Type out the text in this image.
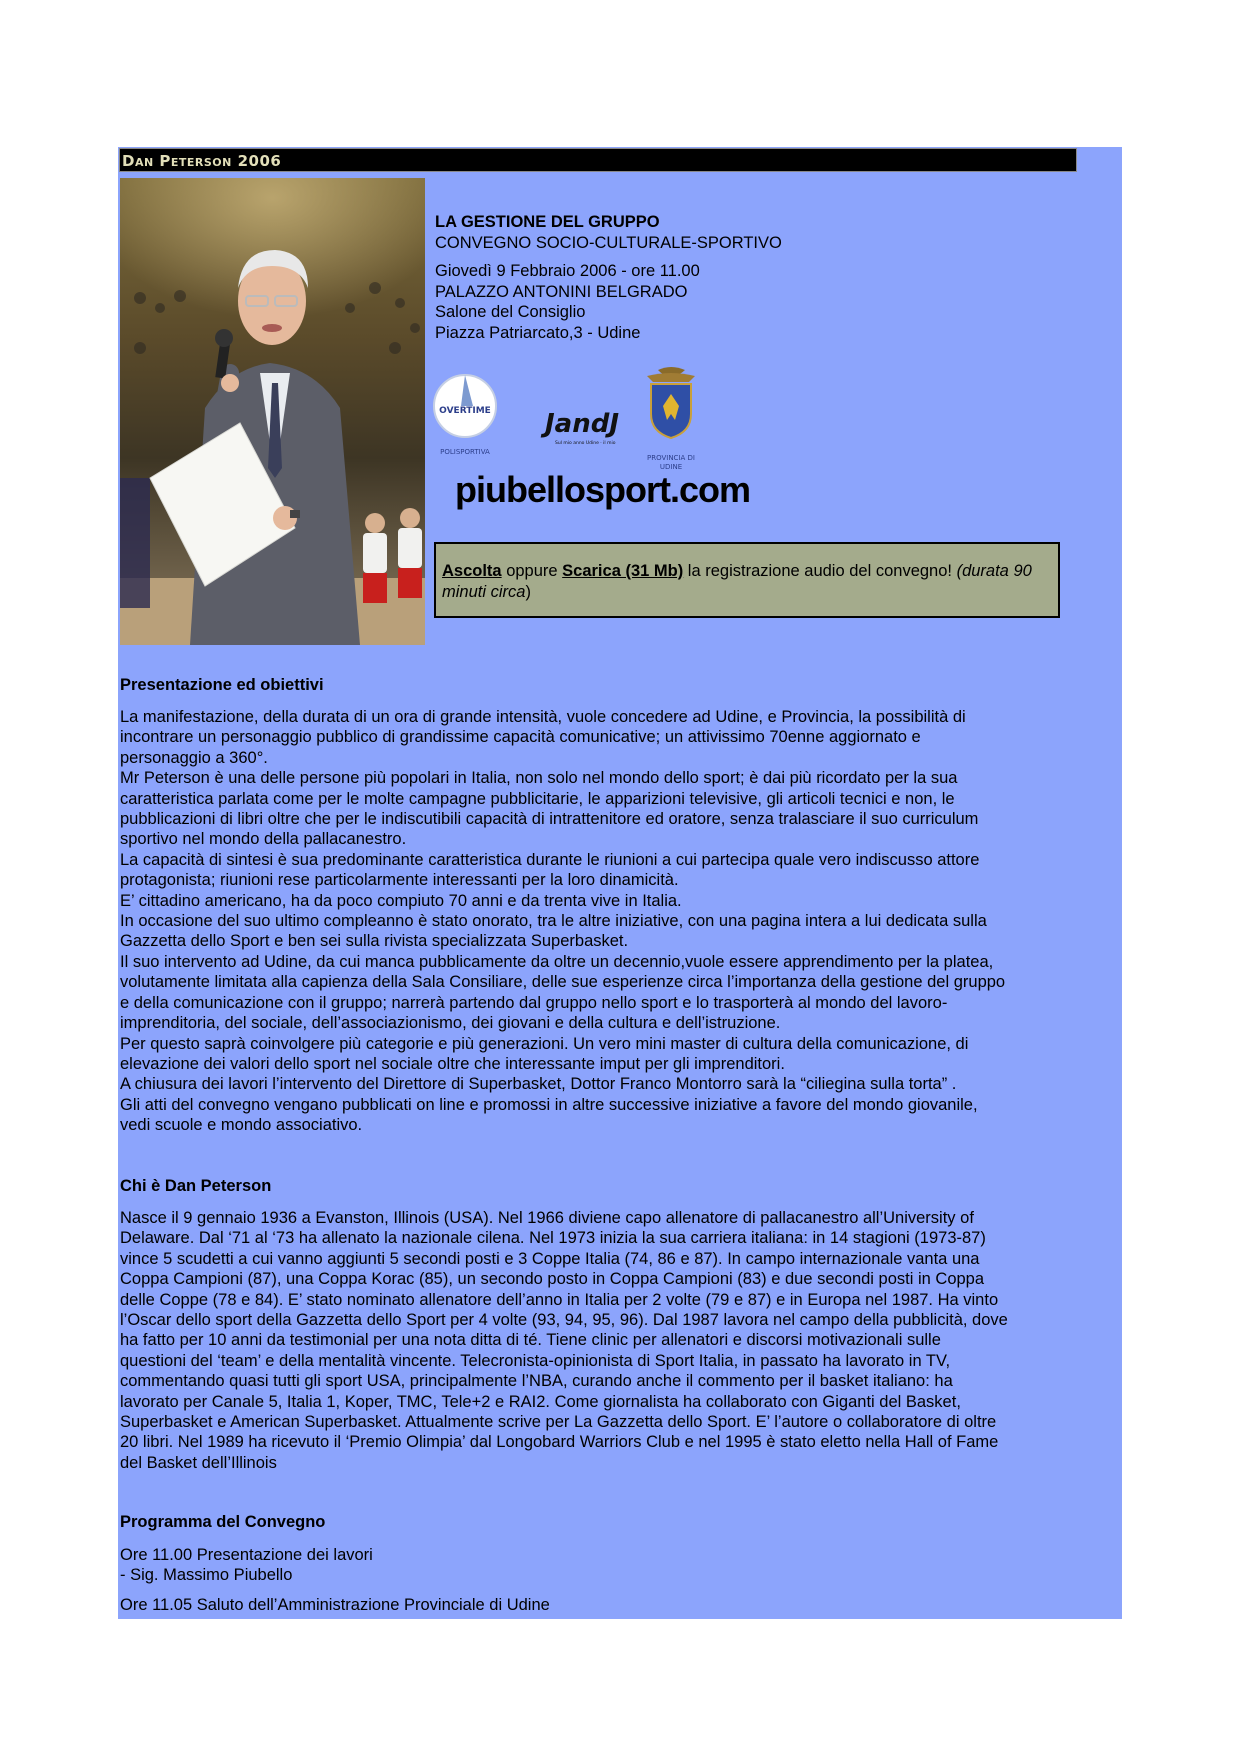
Dan Peterson 2006
LA GESTIONE DEL GRUPPO
CONVEGNO SOCIO-CULTURALE-SPORTIVO
Giovedì 9 Febbraio 2006 - ore 11.00
PALAZZO ANTONINI BELGRADO
Salone del Consiglio
Piazza Patriarcato,3 - Udine
OVERTIME
POLISPORTIVA
JandJ
Sul mio anno Udine · il mio
PROVINCIA DI
UDINE
piubellosport.com
Ascolta oppure Scarica (31 Mb) la registrazione audio del convegno! (durata 90 minuti circa)
Presentazione ed obiettivi

La manifestazione, della durata di un ora di grande intensità, vuole concedere ad Udine, e Provincia, la possibilità di

incontrare un personaggio pubblico di grandissime capacità comunicative; un attivissimo 70enne aggiornato e

personaggio a 360°.

Mr Peterson è una delle persone più popolari in Italia, non solo nel mondo dello sport; è dai più ricordato per la sua

caratteristica parlata come per le molte campagne pubblicitarie, le apparizioni televisive, gli articoli tecnici e non, le

pubblicazioni di libri oltre che per le indiscutibili capacità di intrattenitore ed oratore, senza tralasciare il suo curriculum

sportivo nel mondo della pallacanestro.

La capacità di sintesi è sua predominante caratteristica durante le riunioni a cui partecipa quale vero indiscusso attore

protagonista; riunioni rese particolarmente interessanti per la loro dinamicità.

E’ cittadino americano, ha da poco compiuto 70 anni e da trenta vive in Italia.

In occasione del suo ultimo compleanno è stato onorato, tra le altre iniziative, con una pagina intera a lui dedicata sulla

Gazzetta dello Sport e ben sei sulla rivista specializzata Superbasket.

Il suo intervento ad Udine, da cui manca pubblicamente da oltre un decennio,vuole essere apprendimento per la platea,

volutamente limitata alla capienza della Sala Consiliare, delle sue esperienze circa l’importanza della gestione del gruppo

e della comunicazione con il gruppo; narrerà partendo dal gruppo nello sport e lo trasporterà al mondo del lavoro-

imprenditoria, del sociale, dell’associazionismo, dei giovani e della cultura e dell’istruzione.

Per questo saprà coinvolgere più categorie e più generazioni. Un vero mini master di cultura della comunicazione, di

elevazione dei valori dello sport nel sociale oltre che interessante imput per gli imprenditori.

A chiusura dei lavori l’intervento del Direttore di Superbasket, Dottor Franco Montorro sarà la “ciliegina sulla torta” .

Gli atti del convegno vengano pubblicati on line e promossi in altre successive iniziative a favore del mondo giovanile,

vedi scuole e mondo associativo.

Chi è Dan Peterson

Nasce il 9 gennaio 1936 a Evanston, Illinois (USA). Nel 1966 diviene capo allenatore di pallacanestro all’University of

Delaware. Dal ‘71 al ‘73 ha allenato la nazionale cilena. Nel 1973 inizia la sua carriera italiana: in 14 stagioni (1973-87)

vince 5 scudetti a cui vanno aggiunti 5 secondi posti e 3 Coppe Italia (74, 86 e 87). In campo internazionale vanta una

Coppa Campioni (87), una Coppa Korac (85), un secondo posto in Coppa Campioni (83) e due secondi posti in Coppa

delle Coppe (78 e 84). E’ stato nominato allenatore dell’anno in Italia per 2 volte (79 e 87) e in Europa nel 1987. Ha vinto

l’Oscar dello sport della Gazzetta dello Sport per 4 volte (93, 94, 95, 96). Dal 1987 lavora nel campo della pubblicità, dove

ha fatto per 10 anni da testimonial per una nota ditta di té. Tiene clinic per allenatori e discorsi motivazionali sulle

questioni del ‘team’ e della mentalità vincente. Telecronista-opinionista di Sport Italia, in passato ha lavorato in TV,

commentando quasi tutti gli sport USA, principalmente l’NBA, curando anche il commento per il basket italiano: ha

lavorato per Canale 5, Italia 1, Koper, TMC, Tele+2 e RAI2. Come giornalista ha collaborato con Giganti del Basket,

Superbasket e American Superbasket. Attualmente scrive per La Gazzetta dello Sport. E’ l’autore o collaboratore di oltre

20 libri. Nel 1989 ha ricevuto il ‘Premio Olimpia’ dal Longobard Warriors Club e nel 1995 è stato eletto nella Hall of Fame

del Basket dell’Illinois

Programma del Convegno

Ore 11.00 Presentazione dei lavori

- Sig. Massimo Piubello

Ore 11.05 Saluto dell’Amministrazione Provinciale di Udine
